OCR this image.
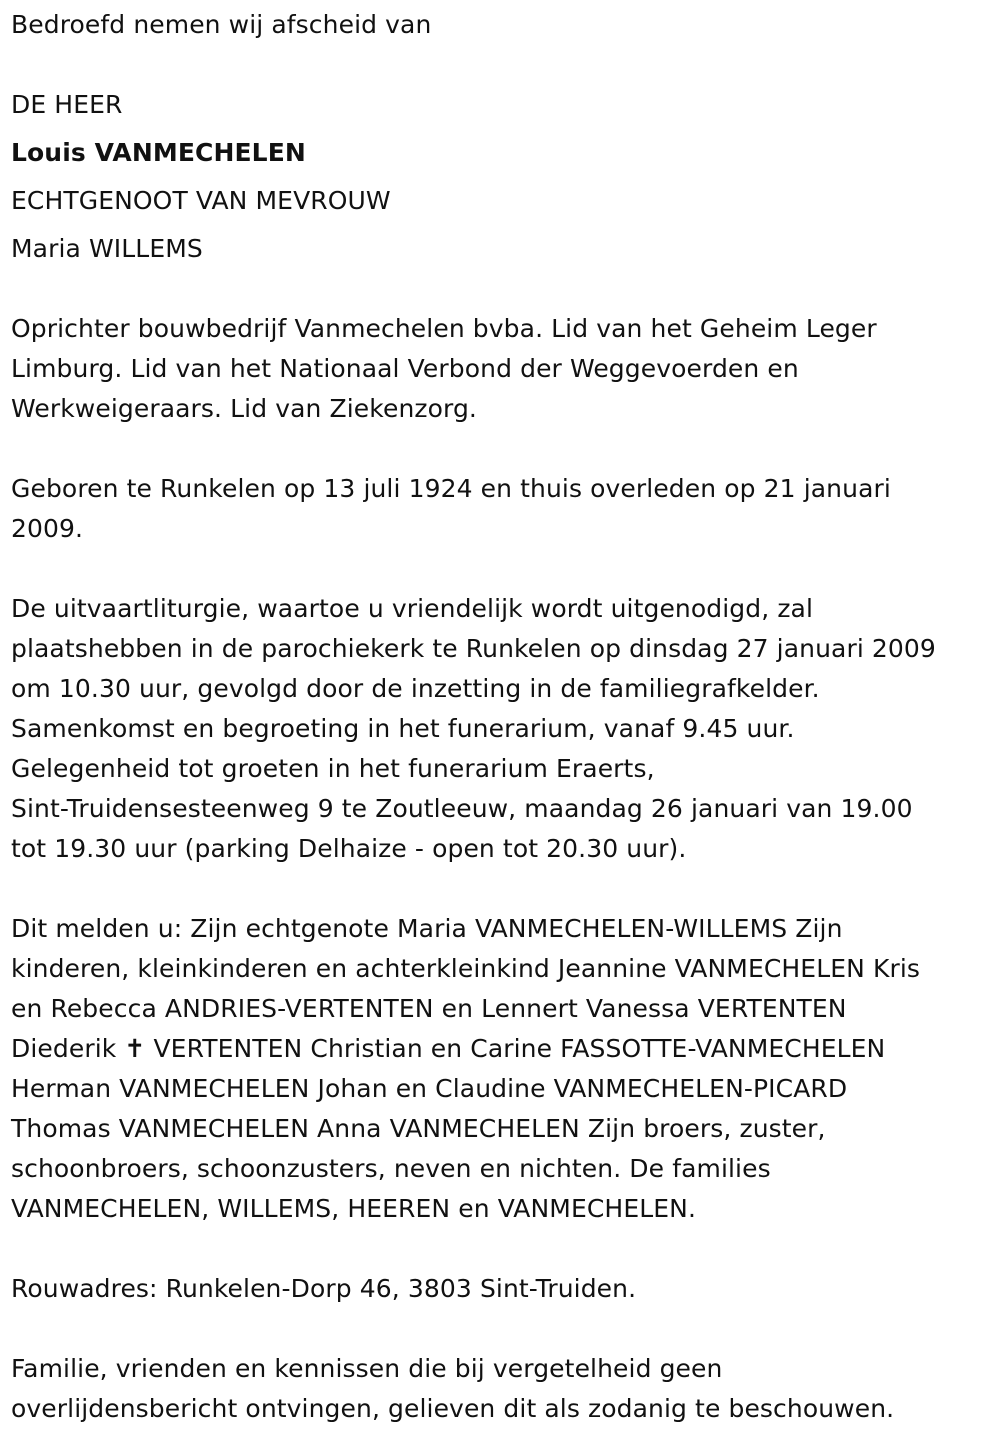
Bedroefd nemen wij afscheid van
DE HEER
Louis VANMECHELEN
ECHTGENOOT VAN MEVROUW
Maria WILLEMS
Oprichter bouwbedrijf Vanmechelen bvba. Lid van het Geheim Leger
Limburg. Lid van het Nationaal Verbond der Weggevoerden en
Werkweigeraars. Lid van Ziekenzorg.
Geboren te Runkelen op 13 juli 1924 en thuis overleden op 21 januari
2009.
De uitvaartliturgie, waartoe u vriendelijk wordt uitgenodigd, zal
plaatshebben in de parochiekerk te Runkelen op dinsdag 27 januari 2009
om 10.30 uur, gevolgd door de inzetting in de familiegrafkelder.
Samenkomst en begroeting in het funerarium, vanaf 9.45 uur.
Gelegenheid tot groeten in het funerarium Eraerts,
Sint-Truidensesteenweg 9 te Zoutleeuw, maandag 26 januari van 19.00
tot 19.30 uur (parking Delhaize - open tot 20.30 uur).
Dit melden u: Zijn echtgenote Maria VANMECHELEN-WILLEMS Zijn
kinderen, kleinkinderen en achterkleinkind Jeannine VANMECHELEN Kris
en Rebecca ANDRIES-VERTENTEN en Lennert Vanessa VERTENTEN
Diederik ✝ VERTENTEN Christian en Carine FASSOTTE-VANMECHELEN
Herman VANMECHELEN Johan en Claudine VANMECHELEN-PICARD
Thomas VANMECHELEN Anna VANMECHELEN Zijn broers, zuster,
schoonbroers, schoonzusters, neven en nichten. De families
VANMECHELEN, WILLEMS, HEEREN en VANMECHELEN.
Rouwadres: Runkelen-Dorp 46, 3803 Sint-Truiden.
Familie, vrienden en kennissen die bij vergetelheid geen
overlijdensbericht ontvingen, gelieven dit als zodanig te beschouwen.
